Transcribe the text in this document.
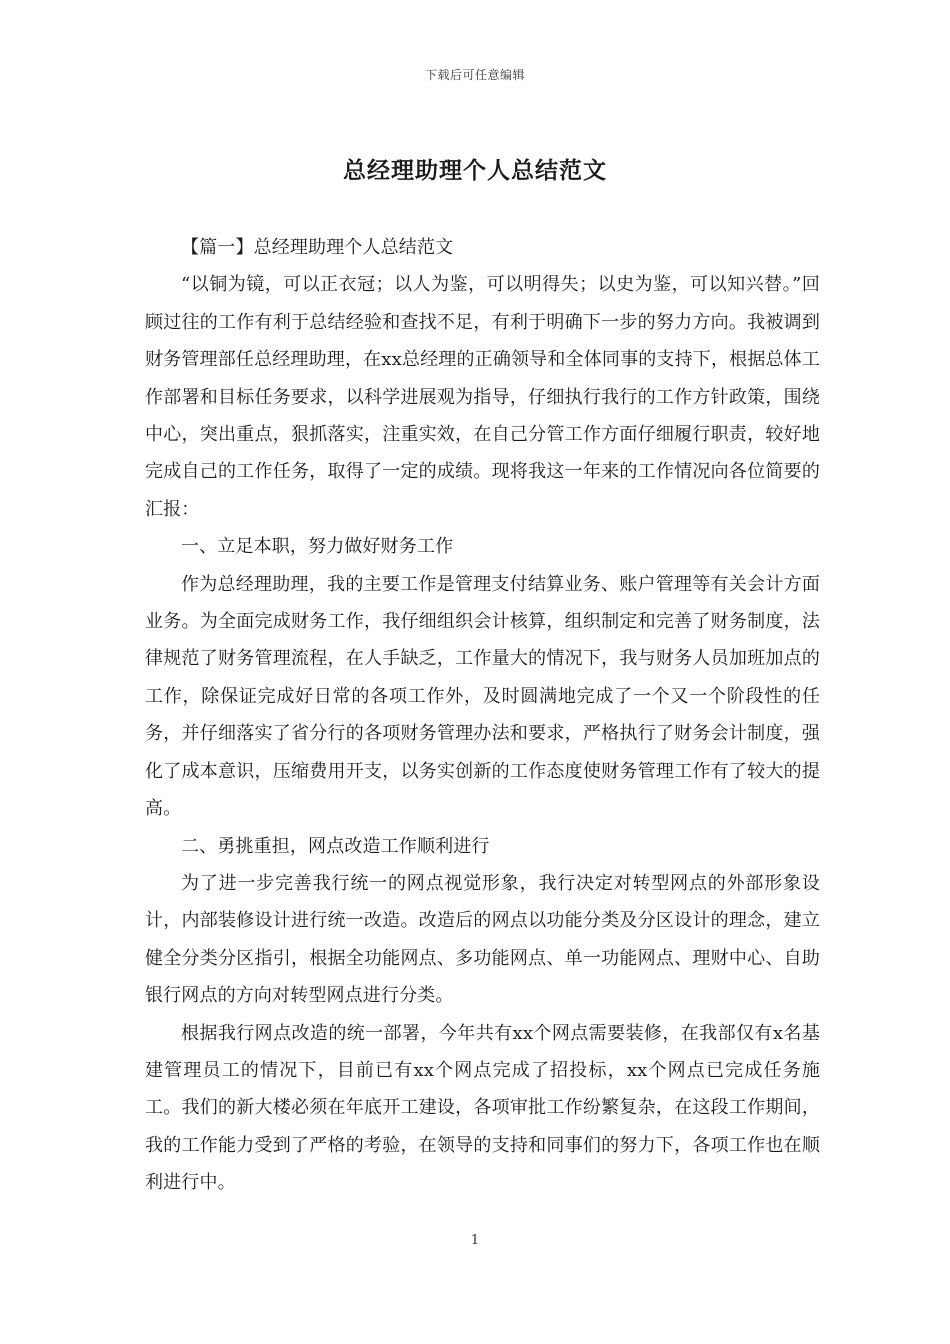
下载后可任意编辑
总经理助理个人总结范文

【篇一】总经理助理个人总结范文

“以铜为镜，可以正衣冠；以人为鉴，可以明得失；以史为鉴，可以知兴替。”回顾过往的工作有利于总结经验和查找不足，有利于明确下一步的努力方向。我被调到财务管理部任总经理助理，在xx总经理的正确领导和全体同事的支持下，根据总体工作部署和目标任务要求，以科学进展观为指导，仔细执行我行的工作方针政策，围绕中心，突出重点，狠抓落实，注重实效，在自己分管工作方面仔细履行职责，较好地完成自己的工作任务，取得了一定的成绩。现将我这一年来的工作情况向各位简要的汇报：

一、立足本职，努力做好财务工作

作为总经理助理，我的主要工作是管理支付结算业务、账户管理等有关会计方面业务。为全面完成财务工作，我仔细组织会计核算，组织制定和完善了财务制度，法律规范了财务管理流程，在人手缺乏，工作量大的情况下，我与财务人员加班加点的工作，除保证完成好日常的各项工作外，及时圆满地完成了一个又一个阶段性的任务，并仔细落实了省分行的各项财务管理办法和要求，严格执行了财务会计制度，强化了成本意识，压缩费用开支，以务实创新的工作态度使财务管理工作有了较大的提高。

二、勇挑重担，网点改造工作顺利进行

为了进一步完善我行统一的网点视觉形象，我行决定对转型网点的外部形象设计，内部装修设计进行统一改造。改造后的网点以功能分类及分区设计的理念，建立健全分类分区指引，根据全功能网点、多功能网点、单一功能网点、理财中心、自助银行网点的方向对转型网点进行分类。

根据我行网点改造的统一部署，今年共有xx个网点需要装修，在我部仅有x名基建管理员工的情况下，目前已有xx个网点完成了招投标，xx个网点已完成任务施工。我们的新大楼必须在年底开工建设，各项审批工作纷繁复杂，在这段工作期间，我的工作能力受到了严格的考验，在领导的支持和同事们的努力下，各项工作也在顺利进行中。

1
